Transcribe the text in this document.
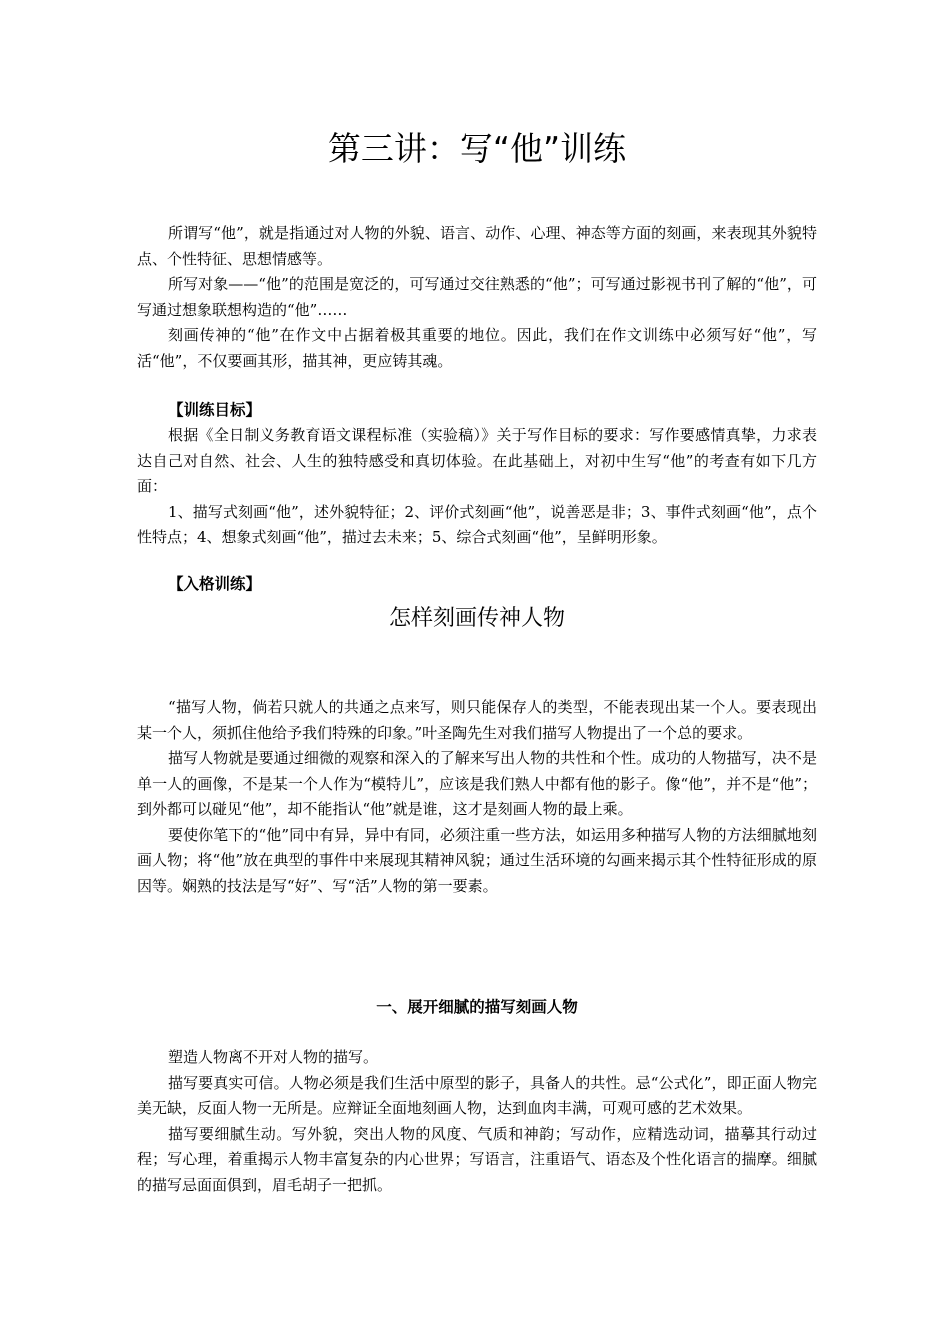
第三讲：写“他”训练

所谓写“他”，就是指通过对人物的外貌、语言、动作、心理、神态等方面的刻画，来表现其外貌特点、个性特征、思想情感等。

所写对象——“他”的范围是宽泛的，可写通过交往熟悉的“他”；可写通过影视书刊了解的“他”，可写通过想象联想构造的“他”……

刻画传神的“他”在作文中占据着极其重要的地位。因此，我们在作文训练中必须写好“他”，写活“他”，不仅要画其形，描其神，更应铸其魂。

【训练目标】

根据《全日制义务教育语文课程标准（实验稿）》关于写作目标的要求：写作要感情真挚，力求表达自己对自然、社会、人生的独特感受和真切体验。在此基础上，对初中生写“他”的考查有如下几方面：

1、描写式刻画“他”，述外貌特征；2、评价式刻画“他”，说善恶是非；3、事件式刻画“他”，点个性特点；4、想象式刻画“他”，描过去未来；5、综合式刻画“他”，呈鲜明形象。

【入格训练】
怎样刻画传神人物

“描写人物，倘若只就人的共通之点来写，则只能保存人的类型，不能表现出某一个人。要表现出某一个人，须抓住他给予我们特殊的印象。”叶圣陶先生对我们描写人物提出了一个总的要求。

描写人物就是要通过细微的观察和深入的了解来写出人物的共性和个性。成功的人物描写，决不是单一人的画像，不是某一个人作为“模特儿”，应该是我们熟人中都有他的影子。像“他”，并不是“他”；到外都可以碰见“他”，却不能指认“他”就是谁，这才是刻画人物的最上乘。

要使你笔下的“他”同中有异，异中有同，必须注重一些方法，如运用多种描写人物的方法细腻地刻画人物；将“他”放在典型的事件中来展现其精神风貌；通过生活环境的勾画来揭示其个性特征形成的原因等。娴熟的技法是写“好”、写“活”人物的第一要素。

一、展开细腻的描写刻画人物

塑造人物离不开对人物的描写。

描写要真实可信。人物必须是我们生活中原型的影子，具备人的共性。忌“公式化”，即正面人物完美无缺，反面人物一无所是。应辩证全面地刻画人物，达到血肉丰满，可观可感的艺术效果。

描写要细腻生动。写外貌，突出人物的风度、气质和神韵；写动作，应精选动词，描摹其行动过程；写心理，着重揭示人物丰富复杂的内心世界；写语言，注重语气、语态及个性化语言的揣摩。细腻的描写忌面面俱到，眉毛胡子一把抓。
